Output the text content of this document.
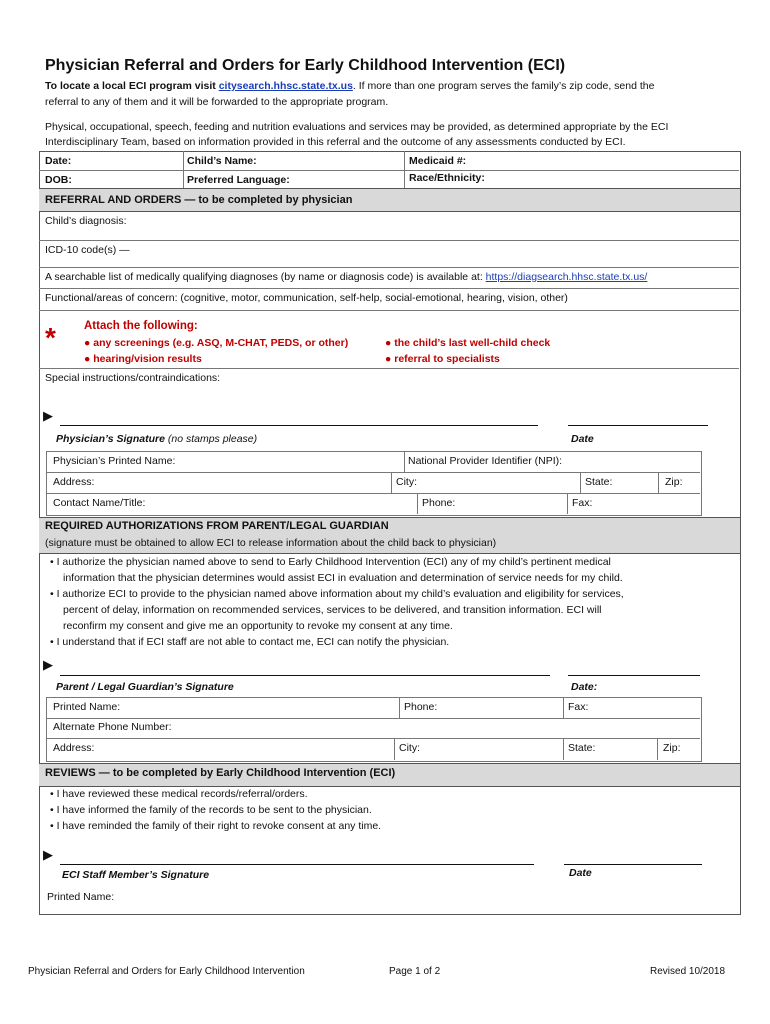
Physician Referral and Orders for Early Childhood Intervention (ECI)
To locate a local ECI program visit citysearch.hhsc.state.tx.us. If more than one program serves the family’s zip code, send the
referral to any of them and it will be forwarded to the appropriate program.
Physical, occupational, speech, feeding and nutrition evaluations and services may be provided, as determined appropriate by the ECI
Interdisciplinary Team, based on information provided in this referral and the outcome of any assessments conducted by ECI.
Date:	Child’s Name:	Medicaid #:
DOB:	Preferred Language:	Race/Ethnicity:
REFERRAL AND ORDERS — to be completed by physician
Child’s diagnosis:
ICD-10 code(s) —
A searchable list of medically qualifying diagnoses (by name or diagnosis code) is available at: https://diagsearch.hhsc.state.tx.us/
Functional/areas of concern: (cognitive, motor, communication, self-help, social-emotional, hearing, vision, other)
* Attach the following:
● any screenings (e.g. ASQ, M-CHAT, PEDS, or other)	● the child’s last well-child check
● hearing/vision results	● referral to specialists
Special instructions/contraindications:
▶
Physician’s Signature (no stamps please)	Date
Physician’s Printed Name:	National Provider Identifier (NPI):
Address:	City:	State:	Zip:
Contact Name/Title:	Phone:	Fax:
REQUIRED AUTHORIZATIONS FROM PARENT/LEGAL GUARDIAN
(signature must be obtained to allow ECI to release information about the child back to physician)
• I authorize the physician named above to send to Early Childhood Intervention (ECI) any of my child’s pertinent medical
information that the physician determines would assist ECI in evaluation and determination of service needs for my child.
• I authorize ECI to provide to the physician named above information about my child’s evaluation and eligibility for services,
percent of delay, information on recommended services, services to be delivered, and transition information. ECI will
reconfirm my consent and give me an opportunity to revoke my consent at any time.
• I understand that if ECI staff are not able to contact me, ECI can notify the physician.
▶
Parent / Legal Guardian’s Signature	Date:
Printed Name:	Phone:	Fax:
Alternate Phone Number:
Address:	City:	State:	Zip:
REVIEWS — to be completed by Early Childhood Intervention (ECI)
• I have reviewed these medical records/referral/orders.
• I have informed the family of the records to be sent to the physician.
• I have reminded the family of their right to revoke consent at any time.
▶
ECI Staff Member’s Signature	Date
Printed Name:
Physician Referral and Orders for Early Childhood Intervention	Page 1 of 2	Revised 10/2018
